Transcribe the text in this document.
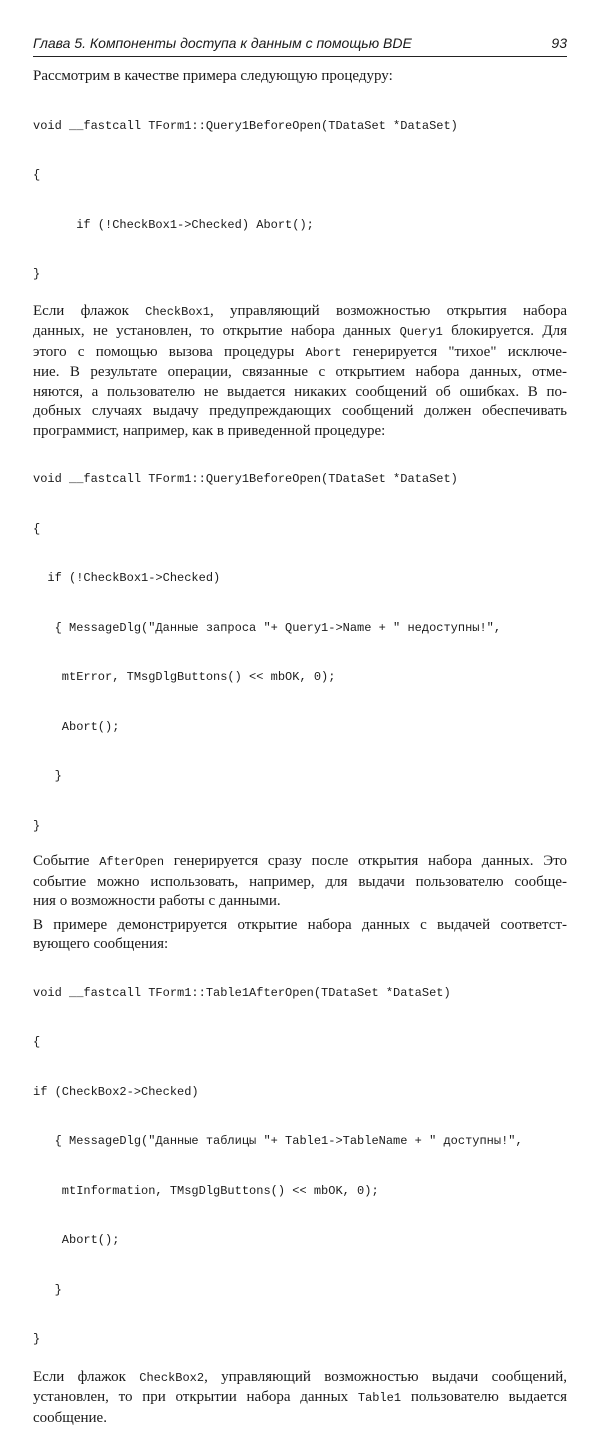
Глава 5. Компоненты доступа к данным с помощью BDE	93
Рассмотрим в качестве примера следующую процедуру:

void __fastcall TForm1::Query1BeforeOpen(TDataSet *DataSet)

{

if (!CheckBox1->Checked) Abort();

}

Если флажок CheckBox1, управляющий возможностью открытия набора
данных, не установлен, то открытие набора данных Query1 блокируется. Для
этого с помощью вызова процедуры Abort генерируется "тихое" исключе-
ние. В результате операции, связанные с открытием набора данных, отме-
няются, а пользователю не выдается никаких сообщений об ошибках. В по-
добных случаях выдачу предупреждающих сообщений должен обеспечивать
программист, например, как в приведенной процедуре:

void __fastcall TForm1::Query1BeforeOpen(TDataSet *DataSet)

{

if (!CheckBox1->Checked)

{ MessageDlg("Данные запроса "+ Query1->Name + " недоступны!",

mtError, TMsgDlgButtons() << mbOK, 0);

Abort();

}

}

Событие AfterOpen генерируется сразу после открытия набора данных. Это
событие можно использовать, например, для выдачи пользователю сообще-
ния о возможности работы с данными.
В примере демонстрируется открытие набора данных с выдачей соответст-
вующего сообщения:

void __fastcall TForm1::Table1AfterOpen(TDataSet *DataSet)

{

if (CheckBox2->Checked)

{ MessageDlg("Данные таблицы "+ Table1->TableName + " доступны!",

mtInformation, TMsgDlgButtons() << mbOK, 0);

Abort();

}

}

Если флажок CheckBox2, управляющий возможностью выдачи сообщений,
установлен, то при открытии набора данных Table1 пользователю выдается
сообщение.
